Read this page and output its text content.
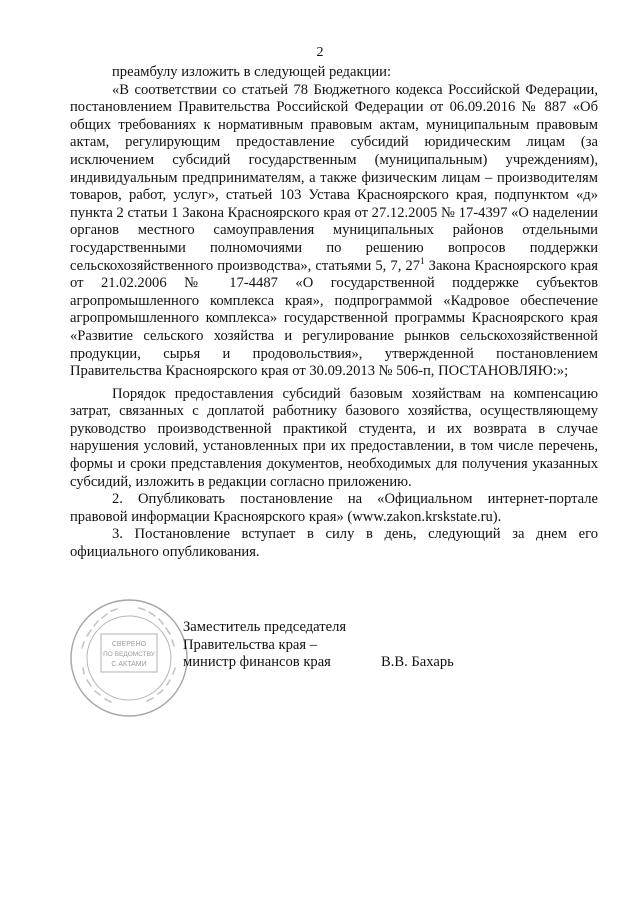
2

преамбулу изложить в следующей редакции:

«В соответствии со статьей 78 Бюджетного кодекса Российской Федерации, постановлением Правительства Российской Федерации от 06.09.2016 № 887 «Об общих требованиях к нормативным правовым актам, муниципальным правовым актам, регулирующим предоставление субсидий юридическим лицам (за исключением субсидий государственным (муниципальным) учреждениям), индивидуальным предпринимателям, а также физическим лицам – производителям товаров, работ, услуг», статьей 103 Устава Красноярского края, подпунктом «д» пункта 2 статьи 1 Закона Красноярского края от 27.12.2005 № 17-4397 «О наделении органов местного самоуправления муниципальных районов отдельными государственными полномочиями по решению вопросов поддержки сельскохозяйственного производства», статьями 5, 7, $27^1$ Закона Красноярского края от 21.02.2006 № 17-4487 «О государственной поддержке субъектов агропромышленного комплекса края», подпрограммой «Кадровое обеспечение агропромышленного комплекса» государственной программы Красноярского края «Развитие сельского хозяйства и регулирование рынков сельскохозяйственной продукции, сырья и продовольствия», утвержденной постановлением Правительства Красноярского края от 30.09.2013 № 506-п, ПОСТАНОВЛЯЮ:»;

Порядок предоставления субсидий базовым хозяйствам на компенсацию затрат, связанных с доплатой работнику базового хозяйства, осуществляющему руководство производственной практикой студента, и их возврата в случае нарушения условий, установленных при их предоставлении, в том числе перечень, формы и сроки представления документов, необходимых для получения указанных субсидий, изложить в редакции согласно приложению.

2. Опубликовать постановление на «Официальном интернет-портале правовой информации Красноярского края» (www.zakon.krskstate.ru).

3. Постановление вступает в силу в день, следующий за днем его официального опубликования.

СВЕРЕНО
ПО ВЕДОМСТВУ
С АКТАМИ
Заместитель председателя
Правительства края –
министр финансов края	В.В. Бахарь
